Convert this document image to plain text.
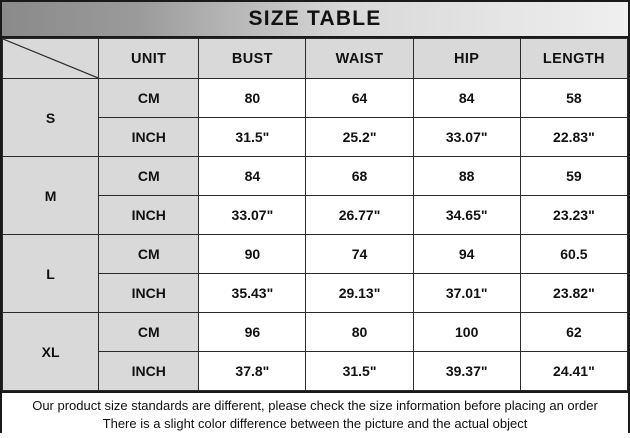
SIZE TABLE
	UNIT	BUST	WAIST	HIP	LENGTH
S	CM	80	64	84	58
	INCH	31.5"	25.2"	33.07"	22.83"
M	CM	84	68	88	59
	INCH	33.07"	26.77"	34.65"	23.23"
L	CM	90	74	94	60.5
	INCH	35.43"	29.13"	37.01"	23.82"
XL	CM	96	80	100	62
	INCH	37.8"	31.5"	39.37"	24.41"
Our product size standards are different, please check the size information before placing an order
There is a slight color difference between the picture and the actual object
